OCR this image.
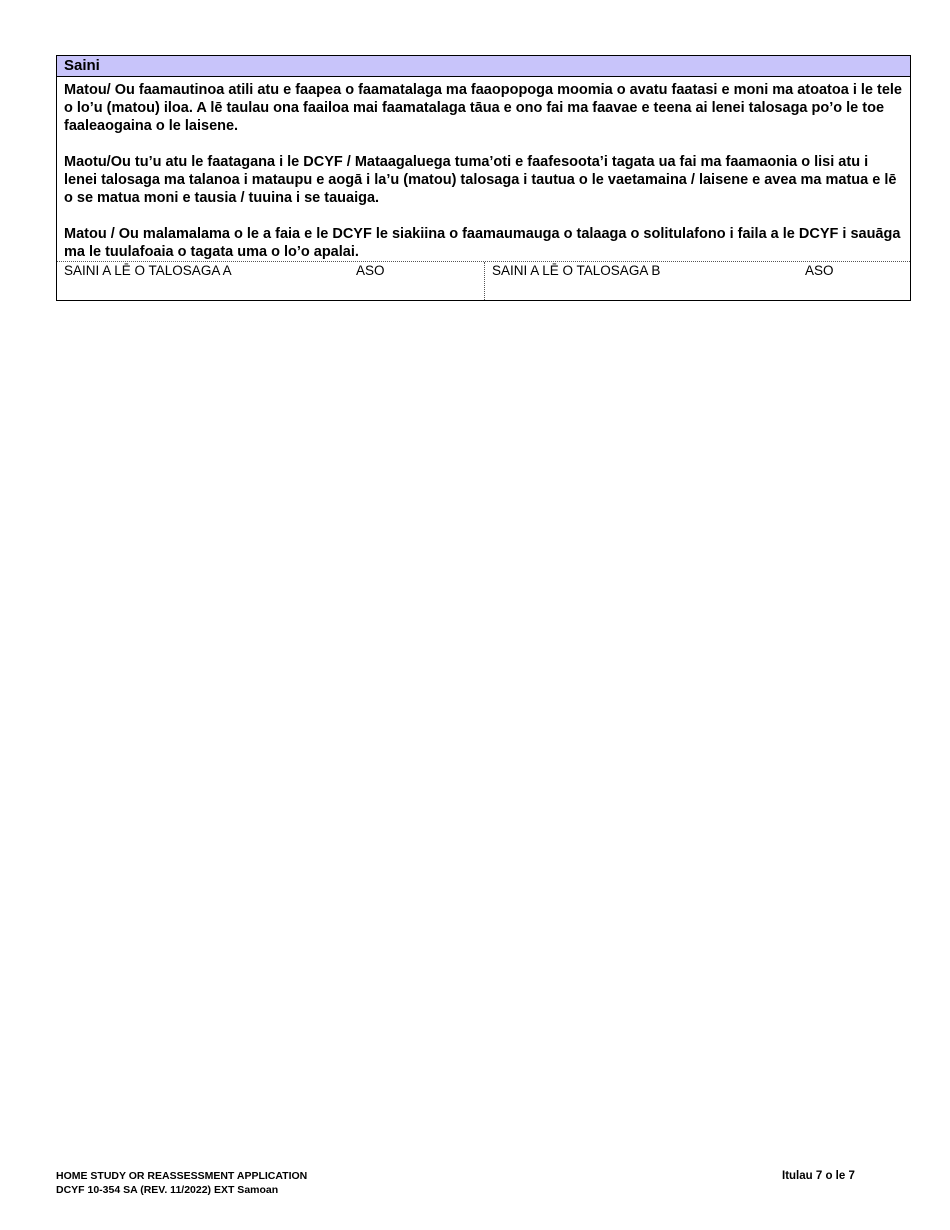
Saini

Matou/ Ou faamautinoa atili atu e faapea o faamatalaga ma faaopopoga moomia o avatu faatasi e moni ma atoatoa i le tele o lo’u (matou) iloa. A lē taulau ona faailoa mai faamatalaga tāua e ono fai ma faavae e teena ai lenei talosaga po’o le toe faaleaogaina o le laisene.

Maotu/Ou tu’u atu le faatagana i le DCYF / Mataagaluega tuma’oti e faafesoota’i tagata ua fai ma faamaonia o lisi atu i lenei talosaga ma talanoa i mataupu e aogā i la’u (matou) talosaga i tautua o le vaetamaina / laisene e avea ma matua e lē o se matua moni e tausia / tuuina i se tauaiga.

Matou / Ou malamalama o le a faia e le DCYF le siakiina o faamaumauga o talaaga o solitulafono i faila a le DCYF i sauāga ma le tuulafoaia o tagata uma o lo’o apalai.

SAINI A LĒ O TALOSAGA A	ASO	SAINI A LĒ O TALOSAGA B	ASO
HOME STUDY OR REASSESSMENT APPLICATION
DCYF 10-354 SA (REV. 11/2022) EXT Samoan
Itulau 7 o le 7
